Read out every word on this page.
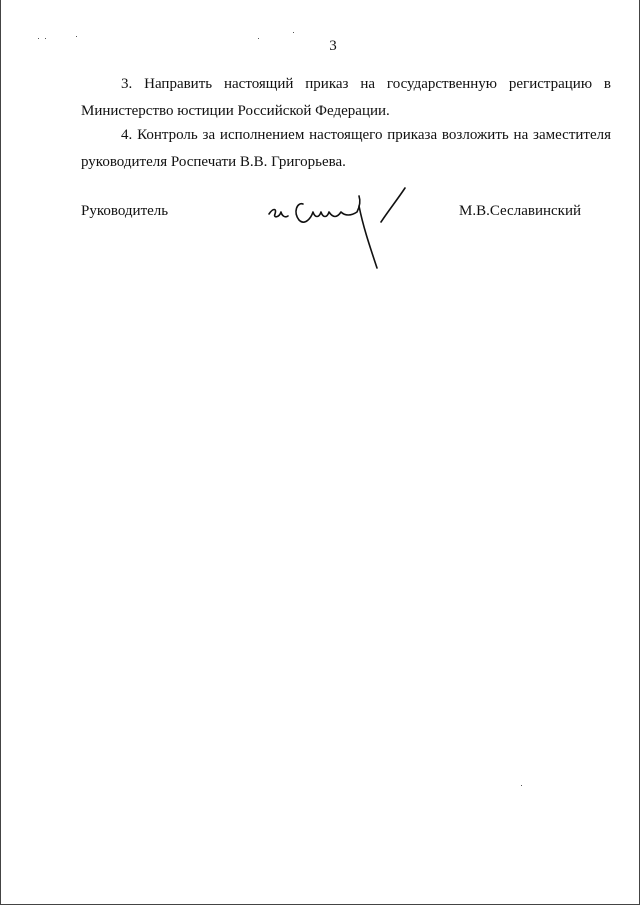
3

3. Направить настоящий приказ на государственную регистрацию в Министерство юстиции Российской Федерации.

4. Контроль за исполнением настоящего приказа возложить на заместителя руководителя Роспечати В.В. Григорьева.

Руководитель	М.В.Сеславинский
